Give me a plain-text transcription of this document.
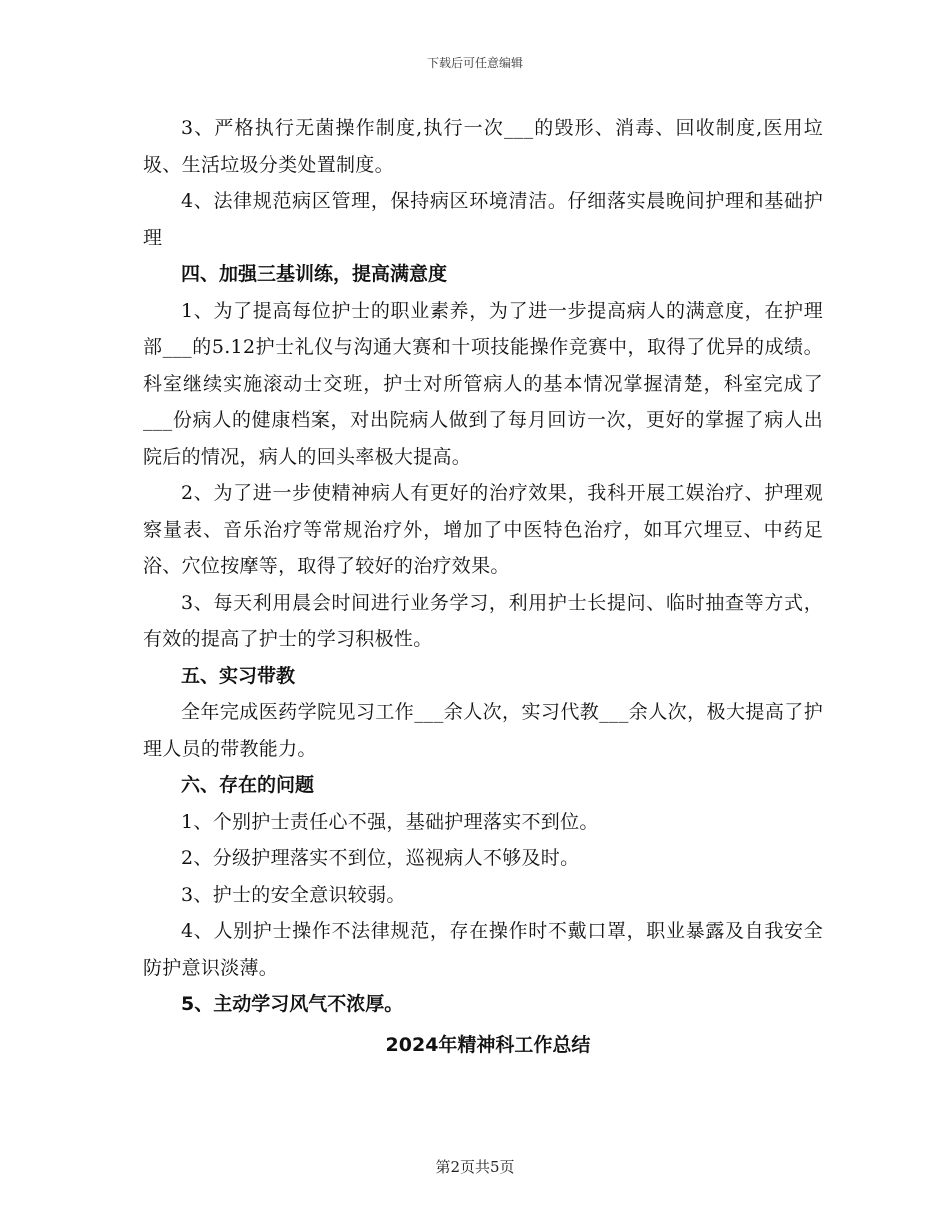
下载后可任意编辑

3、严格执行无菌操作制度,执行一次___的毁形、消毒、回收制度,医用垃圾、生活垃圾分类处置制度。

4、法律规范病区管理，保持病区环境清洁。仔细落实晨晚间护理和基础护理

四、加强三基训练，提高满意度

1、为了提高每位护士的职业素养，为了进一步提高病人的满意度，在护理部___的5.12护士礼仪与沟通大赛和十项技能操作竞赛中，取得了优异的成绩。科室继续实施滚动士交班，护士对所管病人的基本情况掌握清楚，科室完成了___份病人的健康档案，对出院病人做到了每月回访一次，更好的掌握了病人出院后的情况，病人的回头率极大提高。

2、为了进一步使精神病人有更好的治疗效果，我科开展工娱治疗、护理观察量表、音乐治疗等常规治疗外，增加了中医特色治疗，如耳穴埋豆、中药足浴、穴位按摩等，取得了较好的治疗效果。

3、每天利用晨会时间进行业务学习，利用护士长提问、临时抽查等方式，有效的提高了护士的学习积极性。

五、实习带教

全年完成医药学院见习工作___余人次，实习代教___余人次，极大提高了护理人员的带教能力。

六、存在的问题

1、个别护士责任心不强，基础护理落实不到位。

2、分级护理落实不到位，巡视病人不够及时。

3、护士的安全意识较弱。

4、人别护士操作不法律规范，存在操作时不戴口罩，职业暴露及自我安全防护意识淡薄。

5、主动学习风气不浓厚。

2024年精神科工作总结

第2页共5页
